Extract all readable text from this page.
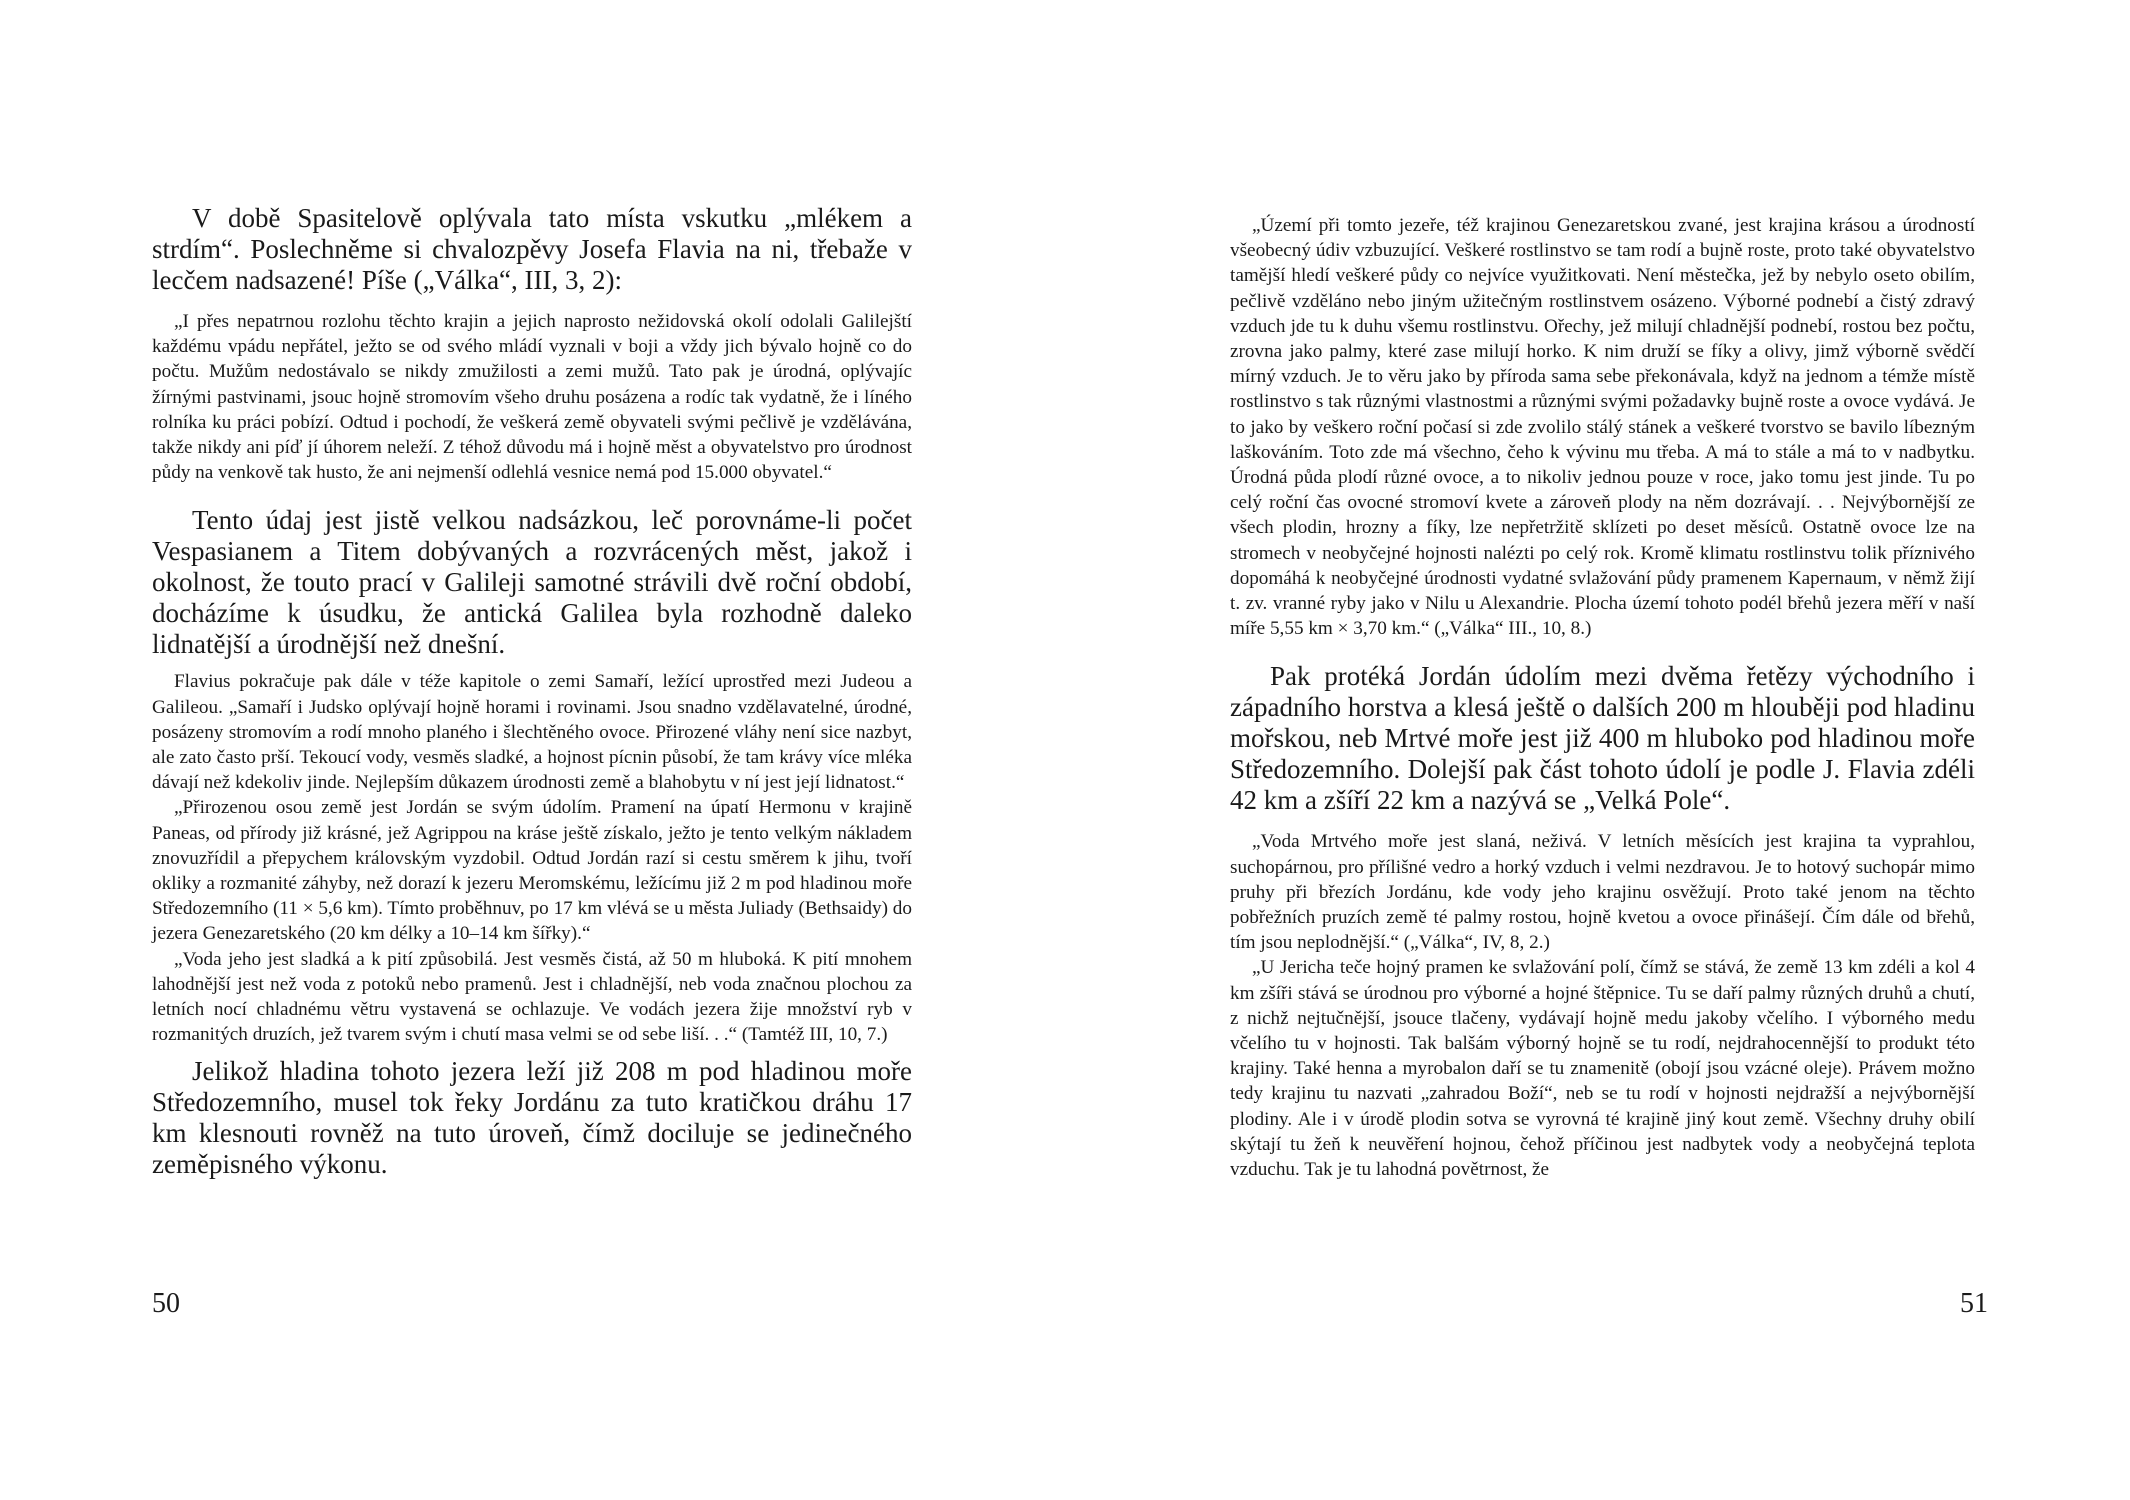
V době Spasitelově oplývala tato místa vskutku „mlékem a strdím“. Poslechněme si chvalozpěvy Josefa Flavia na ni, třebaže v lecčem nadsazené! Píše („Válka“, III, 3, 2):

„I přes nepatrnou rozlohu těchto krajin a jejich naprosto nežidovská okolí odolali Galilejští každému vpádu nepřátel, ježto se od svého mládí vyznali v boji a vždy jich bývalo hojně co do počtu. Mužům nedostávalo se nikdy zmužilosti a zemi mužů. Tato pak je úrodná, oplývajíc žírnými pastvinami, jsouc hojně stromovím všeho druhu posázena a rodíc tak vydatně, že i líného rolníka ku práci pobízí. Odtud i pochodí, že veškerá země obyvateli svými pečlivě je vzdělávána, takže nikdy ani píď jí úhorem neleží. Z téhož důvodu má i hojně měst a obyvatelstvo pro úrodnost půdy na venkově tak husto, že ani nejmenší odlehlá vesnice nemá pod 15.000 obyvatel.“

Tento údaj jest jistě velkou nadsázkou, leč porovnáme-li počet Vespasianem a Titem dobývaných a rozvrácených měst, jakož i okolnost, že touto prací v Galileji samotné strávili dvě roční období, docházíme k úsudku, že antická Galilea byla rozhodně daleko lidnatější a úrodnější než dnešní.

Flavius pokračuje pak dále v téže kapitole o zemi Samaří, ležící uprostřed mezi Judeou a Galileou. „Samaří i Judsko oplývají hojně horami i rovinami. Jsou snadno vzdělavatelné, úrodné, posázeny stromovím a rodí mnoho planého i šlechtěného ovoce. Přirozené vláhy není sice nazbyt, ale zato často prší. Tekoucí vody, vesměs sladké, a hojnost pícnin působí, že tam krávy více mléka dávají než kdekoliv jinde. Nejlepším důkazem úrodnosti země a blahobytu v ní jest její lidnatost.“

„Přirozenou osou země jest Jordán se svým údolím. Pramení na úpatí Hermonu v krajině Paneas, od přírody již krásné, jež Agrippou na kráse ještě získalo, ježto je tento velkým nákladem znovuzřídil a přepychem královským vyzdobil. Odtud Jordán razí si cestu směrem k jihu, tvoří okliky a rozmanité záhyby, než dorazí k jezeru Meromskému, ležícímu již 2 m pod hladinou moře Středozemního (11 × 5,6 km). Tímto proběhnuv, po 17 km vlévá se u města Juliady (Bethsaidy) do jezera Genezaretského (20 km délky a 10–14 km šířky).“

„Voda jeho jest sladká a k pití způsobilá. Jest vesměs čistá, až 50 m hluboká. K pití mnohem lahodnější jest než voda z potoků nebo pramenů. Jest i chladnější, neb voda značnou plochou za letních nocí chladnému větru vystavená se ochlazuje. Ve vodách jezera žije množství ryb v rozmanitých druzích, jež tvarem svým i chutí masa velmi se od sebe liší. . .“ (Tamtéž III, 10, 7.)

Jelikož hladina tohoto jezera leží již 208 m pod hladinou moře Středozemního, musel tok řeky Jordánu za tuto kratičkou dráhu 17 km klesnouti rovněž na tuto úroveň, čímž dociluje se jedinečného zeměpisného výkonu.

50

„Území při tomto jezeře, též krajinou Genezaretskou zvané, jest krajina krásou a úrodností všeobecný údiv vzbuzující. Veškeré rostlinstvo se tam rodí a bujně roste, proto také obyvatelstvo tamější hledí veškeré půdy co nejvíce využitkovati. Není městečka, jež by nebylo oseto obilím, pečlivě vzděláno nebo jiným užitečným rostlinstvem osázeno. Výborné podnebí a čistý zdravý vzduch jde tu k duhu všemu rostlinstvu. Ořechy, jež milují chladnější podnebí, rostou bez počtu, zrovna jako palmy, které zase milují horko. K nim druží se fíky a olivy, jimž výborně svědčí mírný vzduch. Je to věru jako by příroda sama sebe překonávala, když na jednom a témže místě rostlinstvo s tak různými vlastnostmi a různými svými požadavky bujně roste a ovoce vydává. Je to jako by veškero roční počasí si zde zvolilo stálý stánek a veškeré tvorstvo se bavilo líbezným laškováním. Toto zde má všechno, čeho k vývinu mu třeba. A má to stále a má to v nadbytku. Úrodná půda plodí různé ovoce, a to nikoliv jednou pouze v roce, jako tomu jest jinde. Tu po celý roční čas ovocné stromoví kvete a zároveň plody na něm dozrávají. . . Nejvýbornější ze všech plodin, hrozny a fíky, lze nepřetržitě sklízeti po deset měsíců. Ostatně ovoce lze na stromech v neobyčejné hojnosti nalézti po celý rok. Kromě klimatu rostlinstvu tolik příznivého dopomáhá k neobyčejné úrodnosti vydatné svlažování půdy pramenem Kapernaum, v němž žijí t. zv. vranné ryby jako v Nilu u Alexandrie. Plocha území tohoto podél břehů jezera měří v naší míře 5,55 km × 3,70 km.“ („Válka“ III., 10, 8.)

Pak protéká Jordán údolím mezi dvěma řetězy východního i západního horstva a klesá ještě o dalších 200 m hlouběji pod hladinu mořskou, neb Mrtvé moře jest již 400 m hluboko pod hladinou moře Středozemního. Dolejší pak část tohoto údolí je podle J. Flavia zdéli 42 km a zšíří 22 km a nazývá se „Velká Pole“.

„Voda Mrtvého moře jest slaná, neživá. V letních měsících jest krajina ta vyprahlou, suchopárnou, pro přílišné vedro a horký vzduch i velmi nezdravou. Je to hotový suchopár mimo pruhy při březích Jordánu, kde vody jeho krajinu osvěžují. Proto také jenom na těchto pobřežních pruzích země té palmy rostou, hojně kvetou a ovoce přinášejí. Čím dále od břehů, tím jsou neplodnější.“ („Válka“, IV, 8, 2.)

„U Jericha teče hojný pramen ke svlažování polí, čímž se stává, že země 13 km zdéli a kol 4 km zšíři stává se úrodnou pro výborné a hojné štěpnice. Tu se daří palmy různých druhů a chutí, z nichž nejtučnější, jsouce tlačeny, vydávají hojně medu jakoby včelího. I výborného medu včelího tu v hojnosti. Tak balšám výborný hojně se tu rodí, nejdrahocennější to produkt této krajiny. Také henna a myrobalon daří se tu znamenitě (obojí jsou vzácné oleje). Právem možno tedy krajinu tu nazvati „zahradou Boží“, neb se tu rodí v hojnosti nejdražší a nejvýbornější plodiny. Ale i v úrodě plodin sotva se vyrovná té krajině jiný kout země. Všechny druhy obilí skýtají tu žeň k neuvěření hojnou, čehož příčinou jest nadbytek vody a neobyčejná teplota vzduchu. Tak je tu lahodná povětrnost, že

51
